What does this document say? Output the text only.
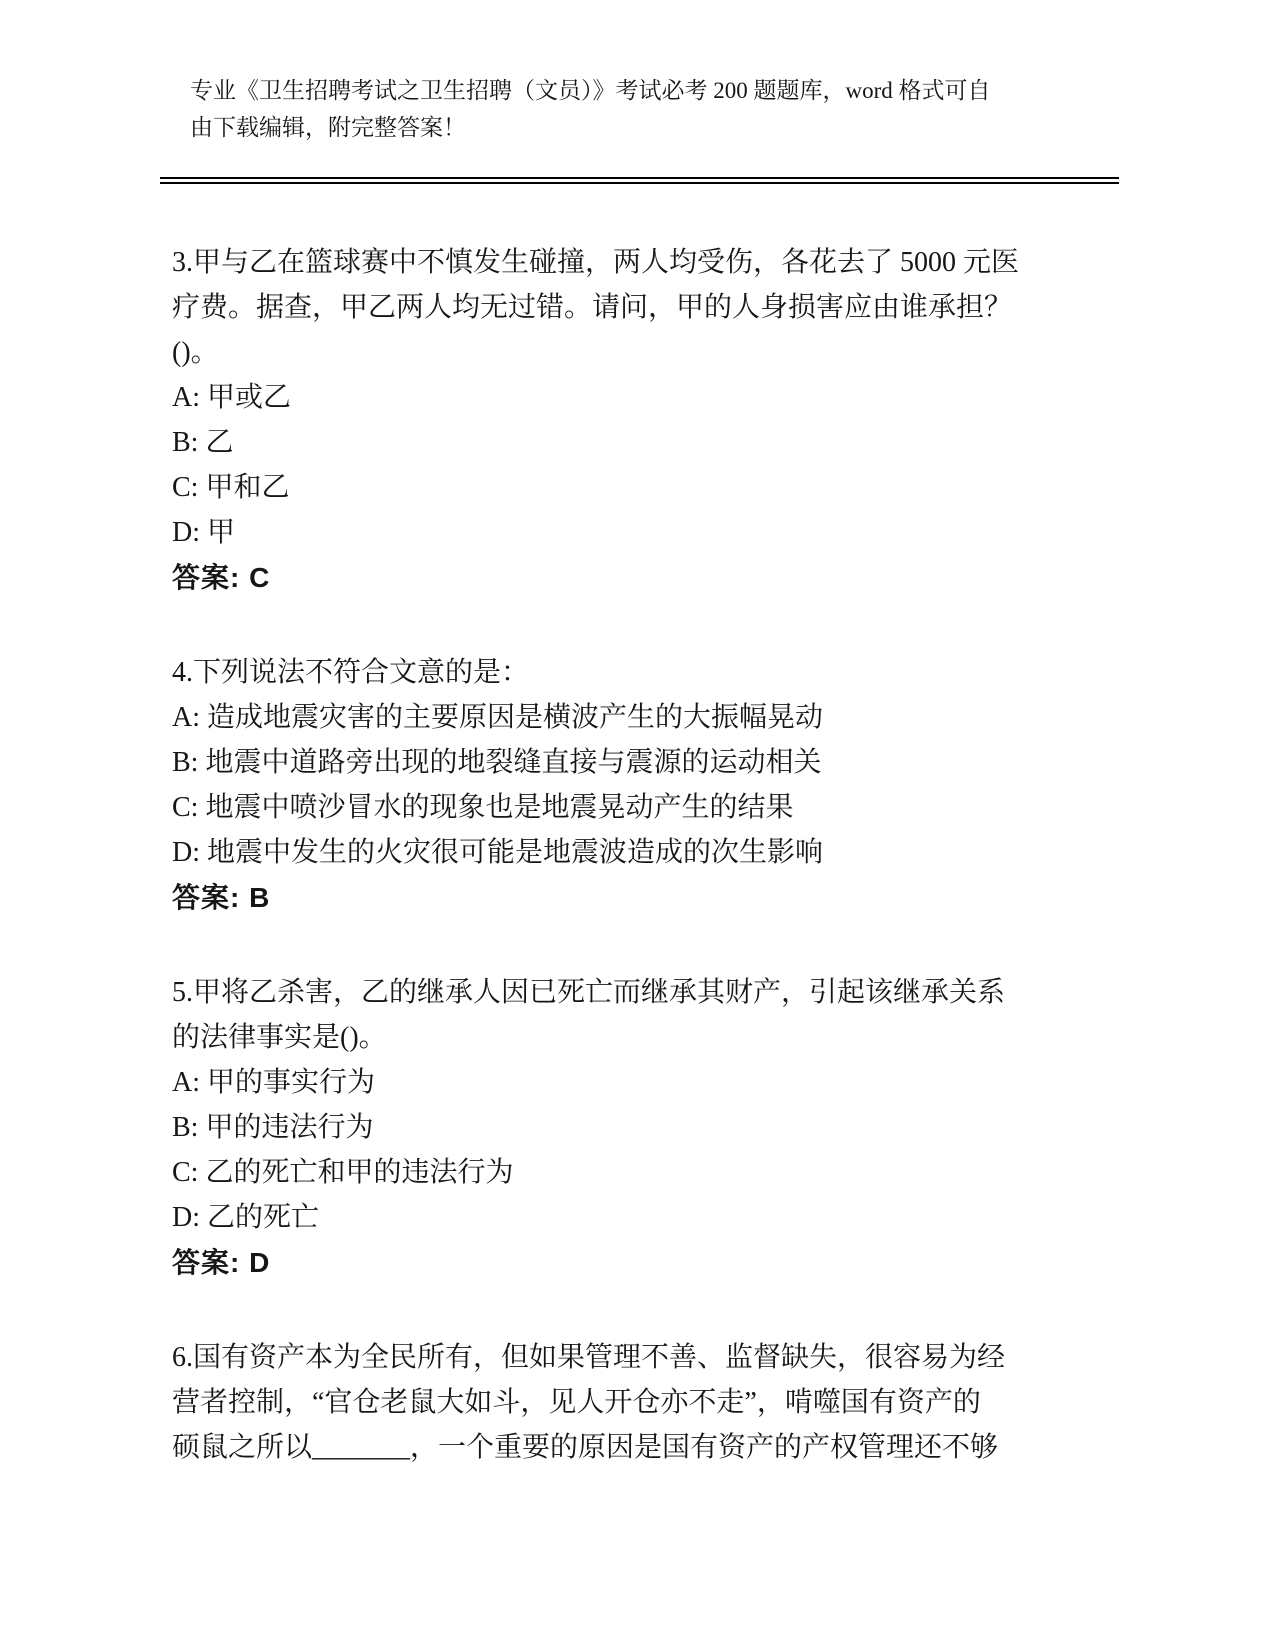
专业《卫生招聘考试之卫生招聘（文员）》考试必考 200 题题库，word 格式可自
由下载编辑，附完整答案！
3.甲与乙在篮球赛中不慎发生碰撞，两人均受伤，各花去了 5000 元医
疗费。据查，甲乙两人均无过错。请问，甲的人身损害应由谁承担？
()。
A: 甲或乙
B: 乙
C: 甲和乙
D: 甲
答案: C
4.下列说法不符合文意的是：
A: 造成地震灾害的主要原因是横波产生的大振幅晃动
B: 地震中道路旁出现的地裂缝直接与震源的运动相关
C: 地震中喷沙冒水的现象也是地震晃动产生的结果
D: 地震中发生的火灾很可能是地震波造成的次生影响
答案: B
5.甲将乙杀害，乙的继承人因已死亡而继承其财产，引起该继承关系
的法律事实是()。
A: 甲的事实行为
B: 甲的违法行为
C: 乙的死亡和甲的违法行为
D: 乙的死亡
答案: D
6.国有资产本为全民所有，但如果管理不善、监督缺失，很容易为经
营者控制，“官仓老鼠大如斗，见人开仓亦不走”，啃噬国有资产的
硕鼠之所以_______，一个重要的原因是国有资产的产权管理还不够
